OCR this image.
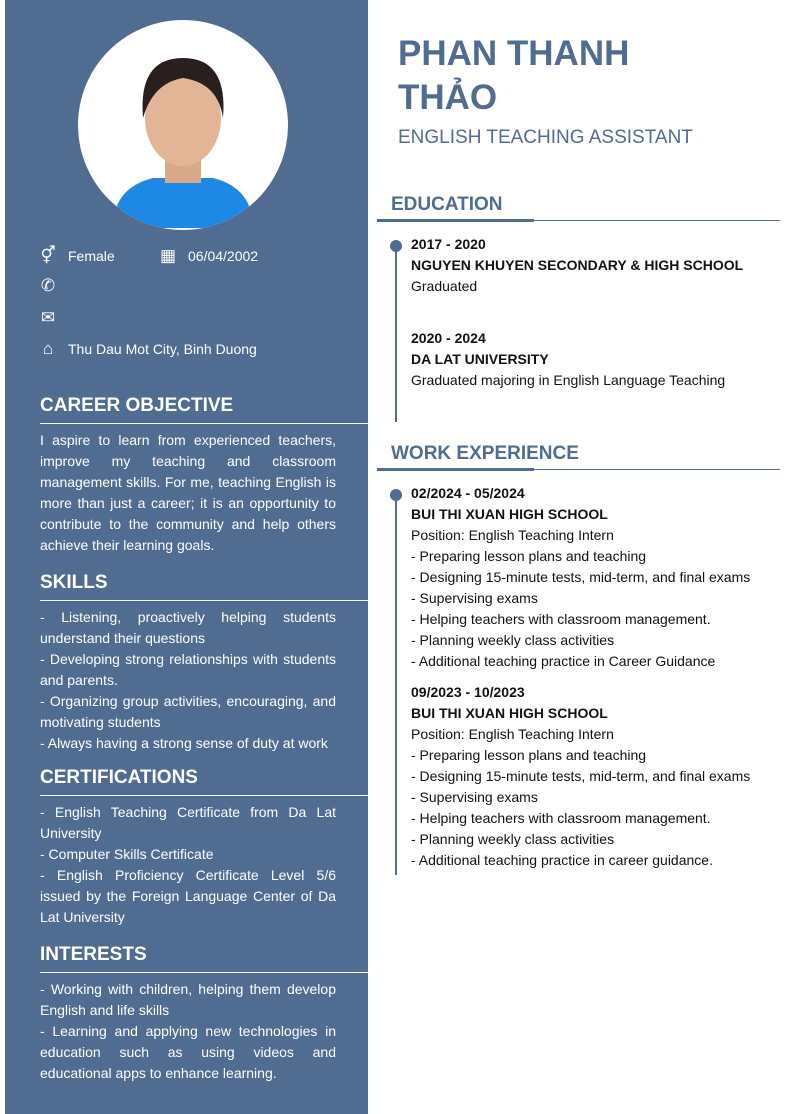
⚥ Female	▦ 06/04/2002
✆
✉
⌂	Thu Dau Mot City, Binh Duong
CAREER OBJECTIVE
I aspire to learn from experienced teachers, improve my teaching and classroom management skills. For me, teaching English is more than just a career; it is an opportunity to contribute to the community and help others achieve their learning goals.
SKILLS
- Listening, proactively helping students understand their questions
- Developing strong relationships with students and parents.
- Organizing group activities, encouraging, and motivating students
- Always having a strong sense of duty at work
CERTIFICATIONS
- English Teaching Certificate from Da Lat University
- Computer Skills Certificate
- English Proficiency Certificate Level 5/6 issued by the Foreign Language Center of Da Lat University
INTERESTS
- Working with children, helping them develop English and life skills
- Learning and applying new technologies in education such as using videos and educational apps to enhance learning.
PHAN THANH THẢO
ENGLISH TEACHING ASSISTANT
EDUCATION
2017 - 2020
NGUYEN KHUYEN SECONDARY & HIGH SCHOOL
Graduated
2020 - 2024
DA LAT UNIVERSITY
Graduated majoring in English Language Teaching
WORK EXPERIENCE
02/2024 - 05/2024
BUI THI XUAN HIGH SCHOOL
Position: English Teaching Intern
- Preparing lesson plans and teaching
- Designing 15-minute tests, mid-term, and final exams
- Supervising exams
- Helping teachers with classroom management.
- Planning weekly class activities
- Additional teaching practice in Career Guidance
09/2023 - 10/2023
BUI THI XUAN HIGH SCHOOL
Position: English Teaching Intern
- Preparing lesson plans and teaching
- Designing 15-minute tests, mid-term, and final exams
- Supervising exams
- Helping teachers with classroom management.
- Planning weekly class activities
- Additional teaching practice in career guidance.
